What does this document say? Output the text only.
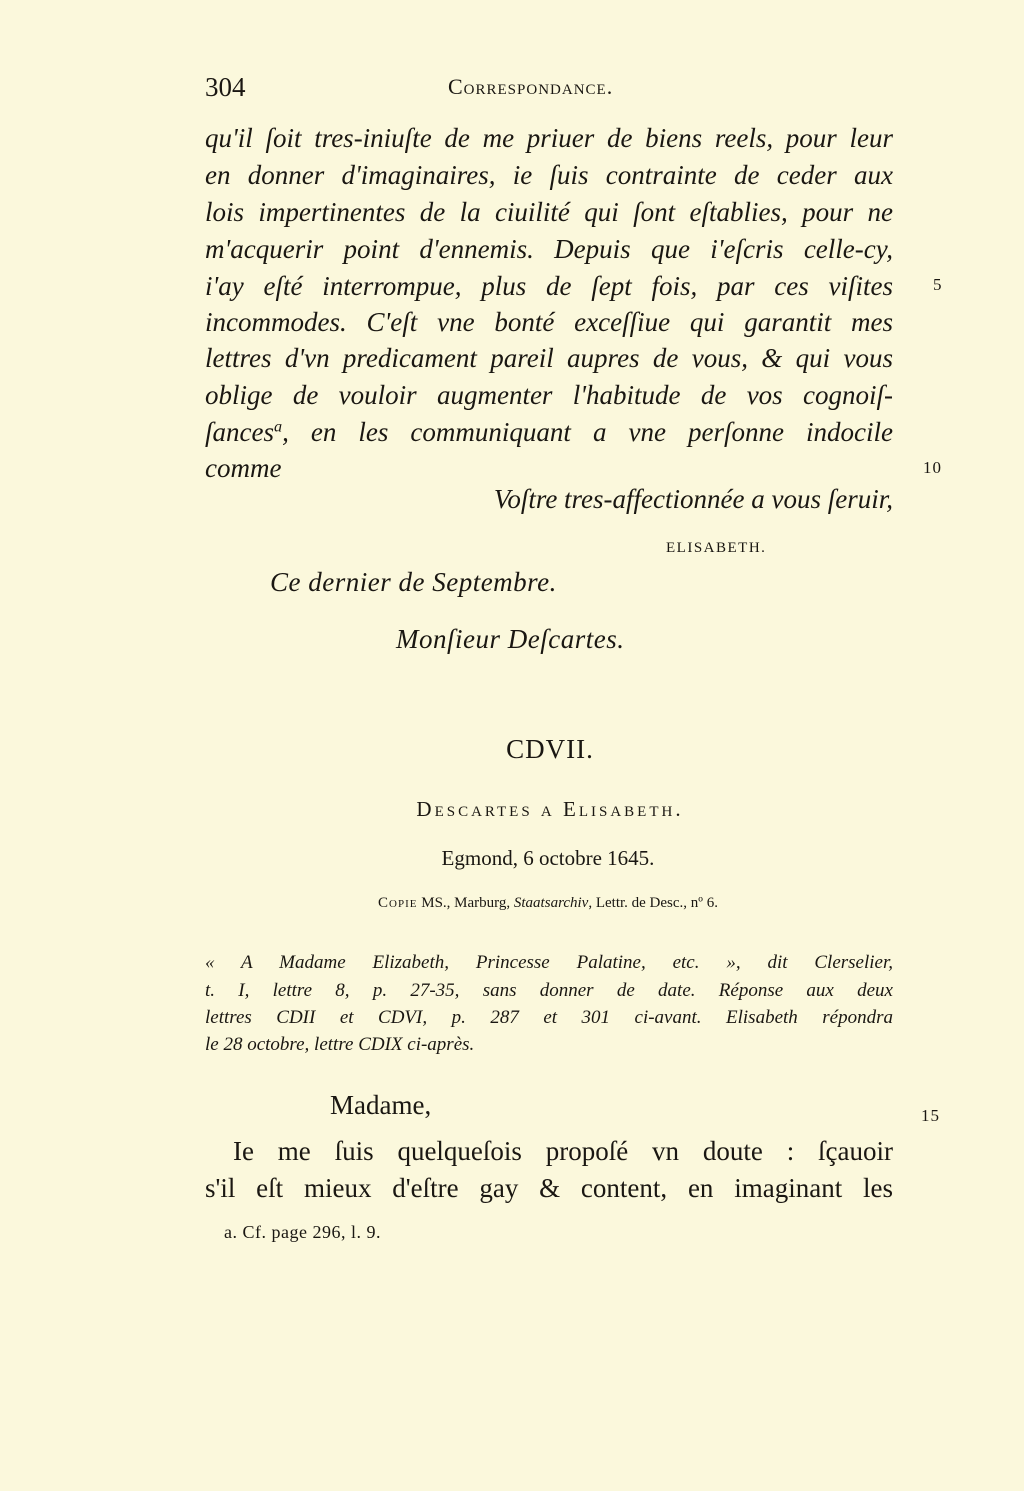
304	Correspondance.
qu'il ſoit tres-iniuſte de me priuer de biens reels, pour leur
en donner d'imaginaires, ie ſuis contrainte de ceder aux
lois impertinentes de la ciuilité qui ſont eſtablies, pour ne
m'acquerir point d'ennemis. Depuis que i'eſcris celle-cy,
i'ay eſté interrompue, plus de ſept fois, par ces viſites 5
incommodes. C'eſt vne bonté exceſſiue qui garantit mes
lettres d'vn predicament pareil aupres de vous, & qui vous
oblige de vouloir augmenter l'habitude de vos cognoiſ-
ſances$^a$, en les communiquant a vne perſonne indocile
comme	10
Voſtre tres-affectionnée a vous ſeruir,
ELISABETH.
Ce dernier de Septembre.
Monſieur Deſcartes.
CDVII.
Descartes a Elisabeth.
Egmond, 6 octobre 1645.
Copie MS., Marburg, Staatsarchiv, Lettr. de Desc., nº 6.
« A Madame Elizabeth, Princesse Palatine, etc. », dit Clerselier,
t. I, lettre 8, p. 27-35, sans donner de date. Réponse aux deux
lettres CDII et CDVI, p. 287 et 301 ci-avant. Elisabeth répondra
le 28 octobre, lettre CDIX ci-après.
Madame,	15
Ie me ſuis quelqueſois propoſé vn doute : ſçauoir
s'il eſt mieux d'eſtre gay & content, en imaginant les
a. Cf. page 296, l. 9.
